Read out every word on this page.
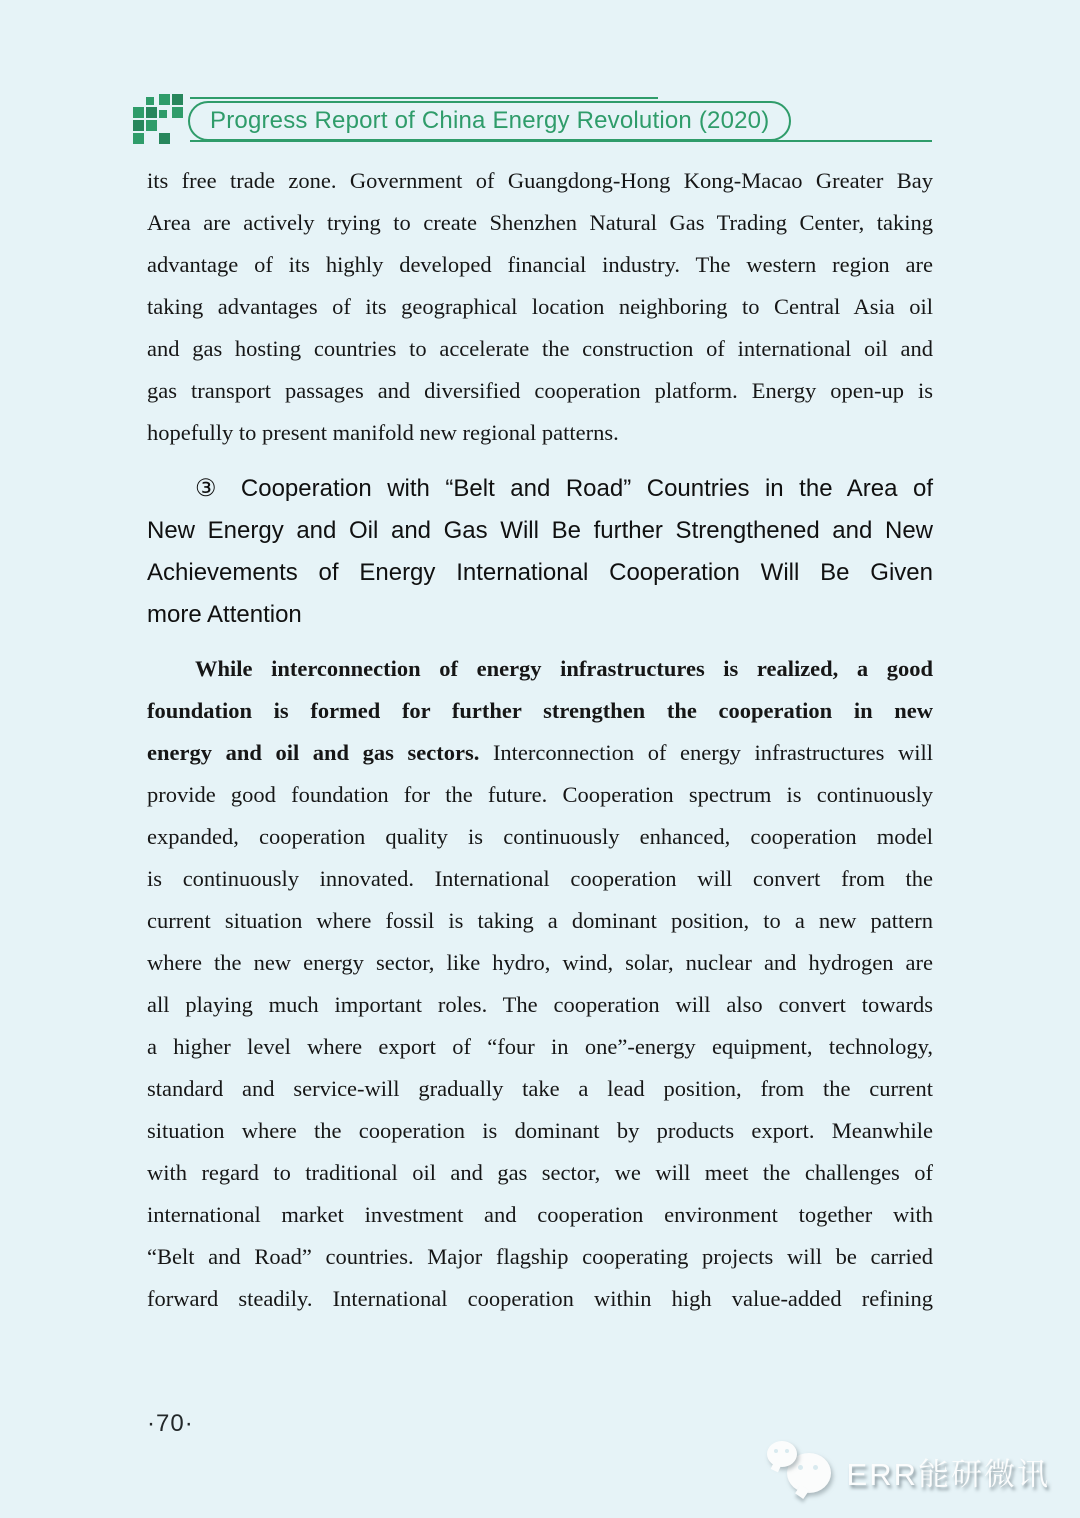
Progress Report of China Energy Revolution (2020)
its free trade zone. Government of Guangdong-Hong Kong-Macao Greater Bay
Area are actively trying to create Shenzhen Natural Gas Trading Center, taking
advantage of its highly developed financial industry. The western region are
taking advantages of its geographical location neighboring to Central Asia oil
and gas hosting countries to accelerate the construction of international oil and
gas transport passages and diversified cooperation platform. Energy open-up is
hopefully to present manifold new regional patterns.
③ Cooperation with “Belt and Road” Countries in the Area of
New Energy and Oil and Gas Will Be further Strengthened and New
Achievements of Energy International Cooperation Will Be Given
more Attention
While interconnection of energy infrastructures is realized, a good
foundation is formed for further strengthen the cooperation in new
energy and oil and gas sectors. Interconnection of energy infrastructures will
provide good foundation for the future. Cooperation spectrum is continuously
expanded, cooperation quality is continuously enhanced, cooperation model
is continuously innovated. International cooperation will convert from the
current situation where fossil is taking a dominant position, to a new pattern
where the new energy sector, like hydro, wind, solar, nuclear and hydrogen are
all playing much important roles. The cooperation will also convert towards
a higher level where export of “four in one”-energy equipment, technology,
standard and service-will gradually take a lead position, from the current
situation where the cooperation is dominant by products export. Meanwhile
with regard to traditional oil and gas sector, we will meet the challenges of
international market investment and cooperation environment together with
“Belt and Road” countries. Major flagship cooperating projects will be carried
forward steadily. International cooperation within high value-added refining
·70·
ERR能研微讯
